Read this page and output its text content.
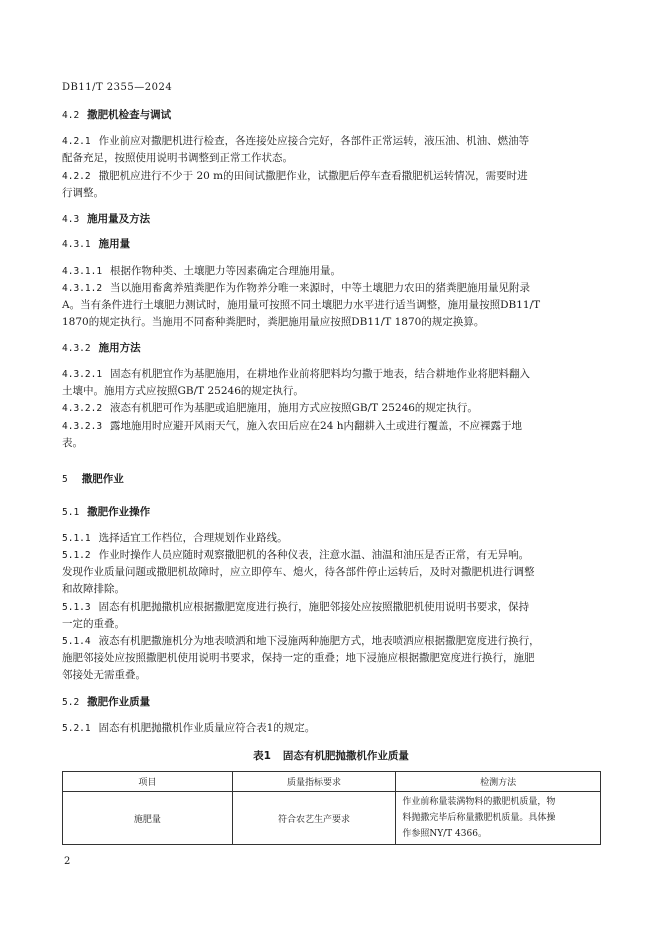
DB11/T 2355—2024
4.2 撒肥机检查与调试
4.2.1 作业前应对撒肥机进行检查，各连接处应接合完好，各部件正常运转，液压油、机油、燃油等
配备充足，按照使用说明书调整到正常工作状态。
4.2.2 撒肥机应进行不少于 20 m的田间试撒肥作业，试撒肥后停车查看撒肥机运转情况，需要时进
行调整。
4.3 施用量及方法
4.3.1 施用量
4.3.1.1 根据作物种类、土壤肥力等因素确定合理施用量。
4.3.1.2 当以施用畜禽养殖粪肥作为作物养分唯一来源时，中等土壤肥力农田的猪粪肥施用量见附录
A。当有条件进行土壤肥力测试时，施用量可按照不同土壤肥力水平进行适当调整，施用量按照DB11/T
1870的规定执行。当施用不同畜种粪肥时，粪肥施用量应按照DB11/T 1870的规定换算。
4.3.2 施用方法
4.3.2.1 固态有机肥宜作为基肥施用，在耕地作业前将肥料均匀撒于地表，结合耕地作业将肥料翻入
土壤中。施用方式应按照GB/T 25246的规定执行。
4.3.2.2 液态有机肥可作为基肥或追肥施用，施用方式应按照GB/T 25246的规定执行。
4.3.2.3 露地施用时应避开风雨天气，施入农田后应在24 h内翻耕入土或进行覆盖，不应裸露于地
表。
5 撒肥作业
5.1 撒肥作业操作
5.1.1 选择适宜工作档位，合理规划作业路线。
5.1.2 作业时操作人员应随时观察撒肥机的各种仪表，注意水温、油温和油压是否正常，有无异响。
发现作业质量问题或撒肥机故障时，应立即停车、熄火，待各部件停止运转后，及时对撒肥机进行调整
和故障排除。
5.1.3 固态有机肥抛撒机应根据撒肥宽度进行换行，施肥邻接处应按照撒肥机使用说明书要求，保持
一定的重叠。
5.1.4 液态有机肥撒施机分为地表喷洒和地下浸施两种施肥方式，地表喷洒应根据撒肥宽度进行换行，
施肥邻接处应按照撒肥机使用说明书要求，保持一定的重叠；地下浸施应根据撒肥宽度进行换行，施肥
邻接处无需重叠。
5.2 撒肥作业质量
5.2.1 固态有机肥抛撒机作业质量应符合表1的规定。
表1 固态有机肥抛撒机作业质量
项目	质量指标要求	检测方法
施肥量	符合农艺生产要求	作业前称量装满物料的撒肥机质量，物
料抛撒完毕后称量撒肥机质量。具体操
作参照NY/T 4366。
2
